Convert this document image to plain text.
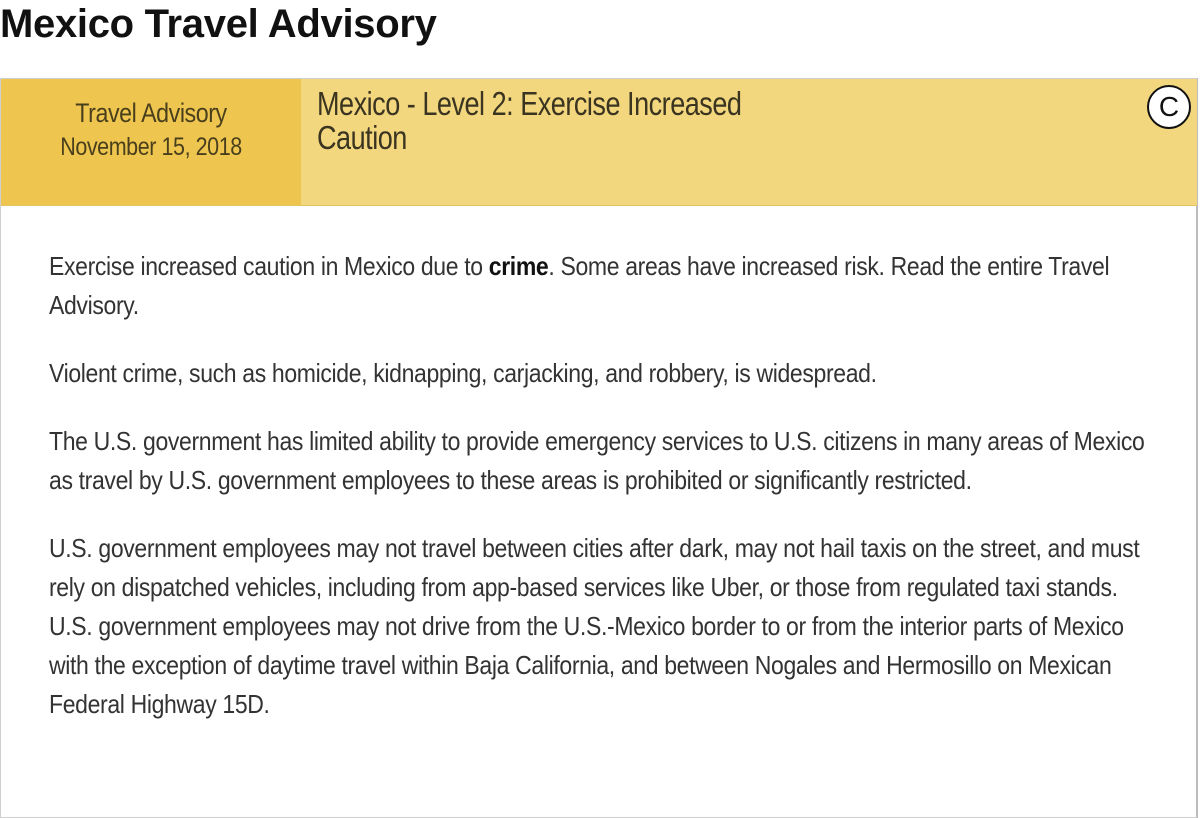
Mexico Travel Advisory
Travel Advisory
November 15, 2018
Mexico - Level 2: Exercise Increased Caution
C

Exercise increased caution in Mexico due to crime. Some areas have increased risk. Read the entire Travel Advisory.

Violent crime, such as homicide, kidnapping, carjacking, and robbery, is widespread.

The U.S. government has limited ability to provide emergency services to U.S. citizens in many areas of Mexico as travel by U.S. government employees to these areas is prohibited or significantly restricted.

U.S. government employees may not travel between cities after dark, may not hail taxis on the street, and must rely on dispatched vehicles, including from app-based services like Uber, or those from regulated taxi stands. U.S. government employees may not drive from the U.S.-Mexico border to or from the interior parts of Mexico with the exception of daytime travel within Baja California, and between Nogales and Hermosillo on Mexican Federal Highway 15D.
